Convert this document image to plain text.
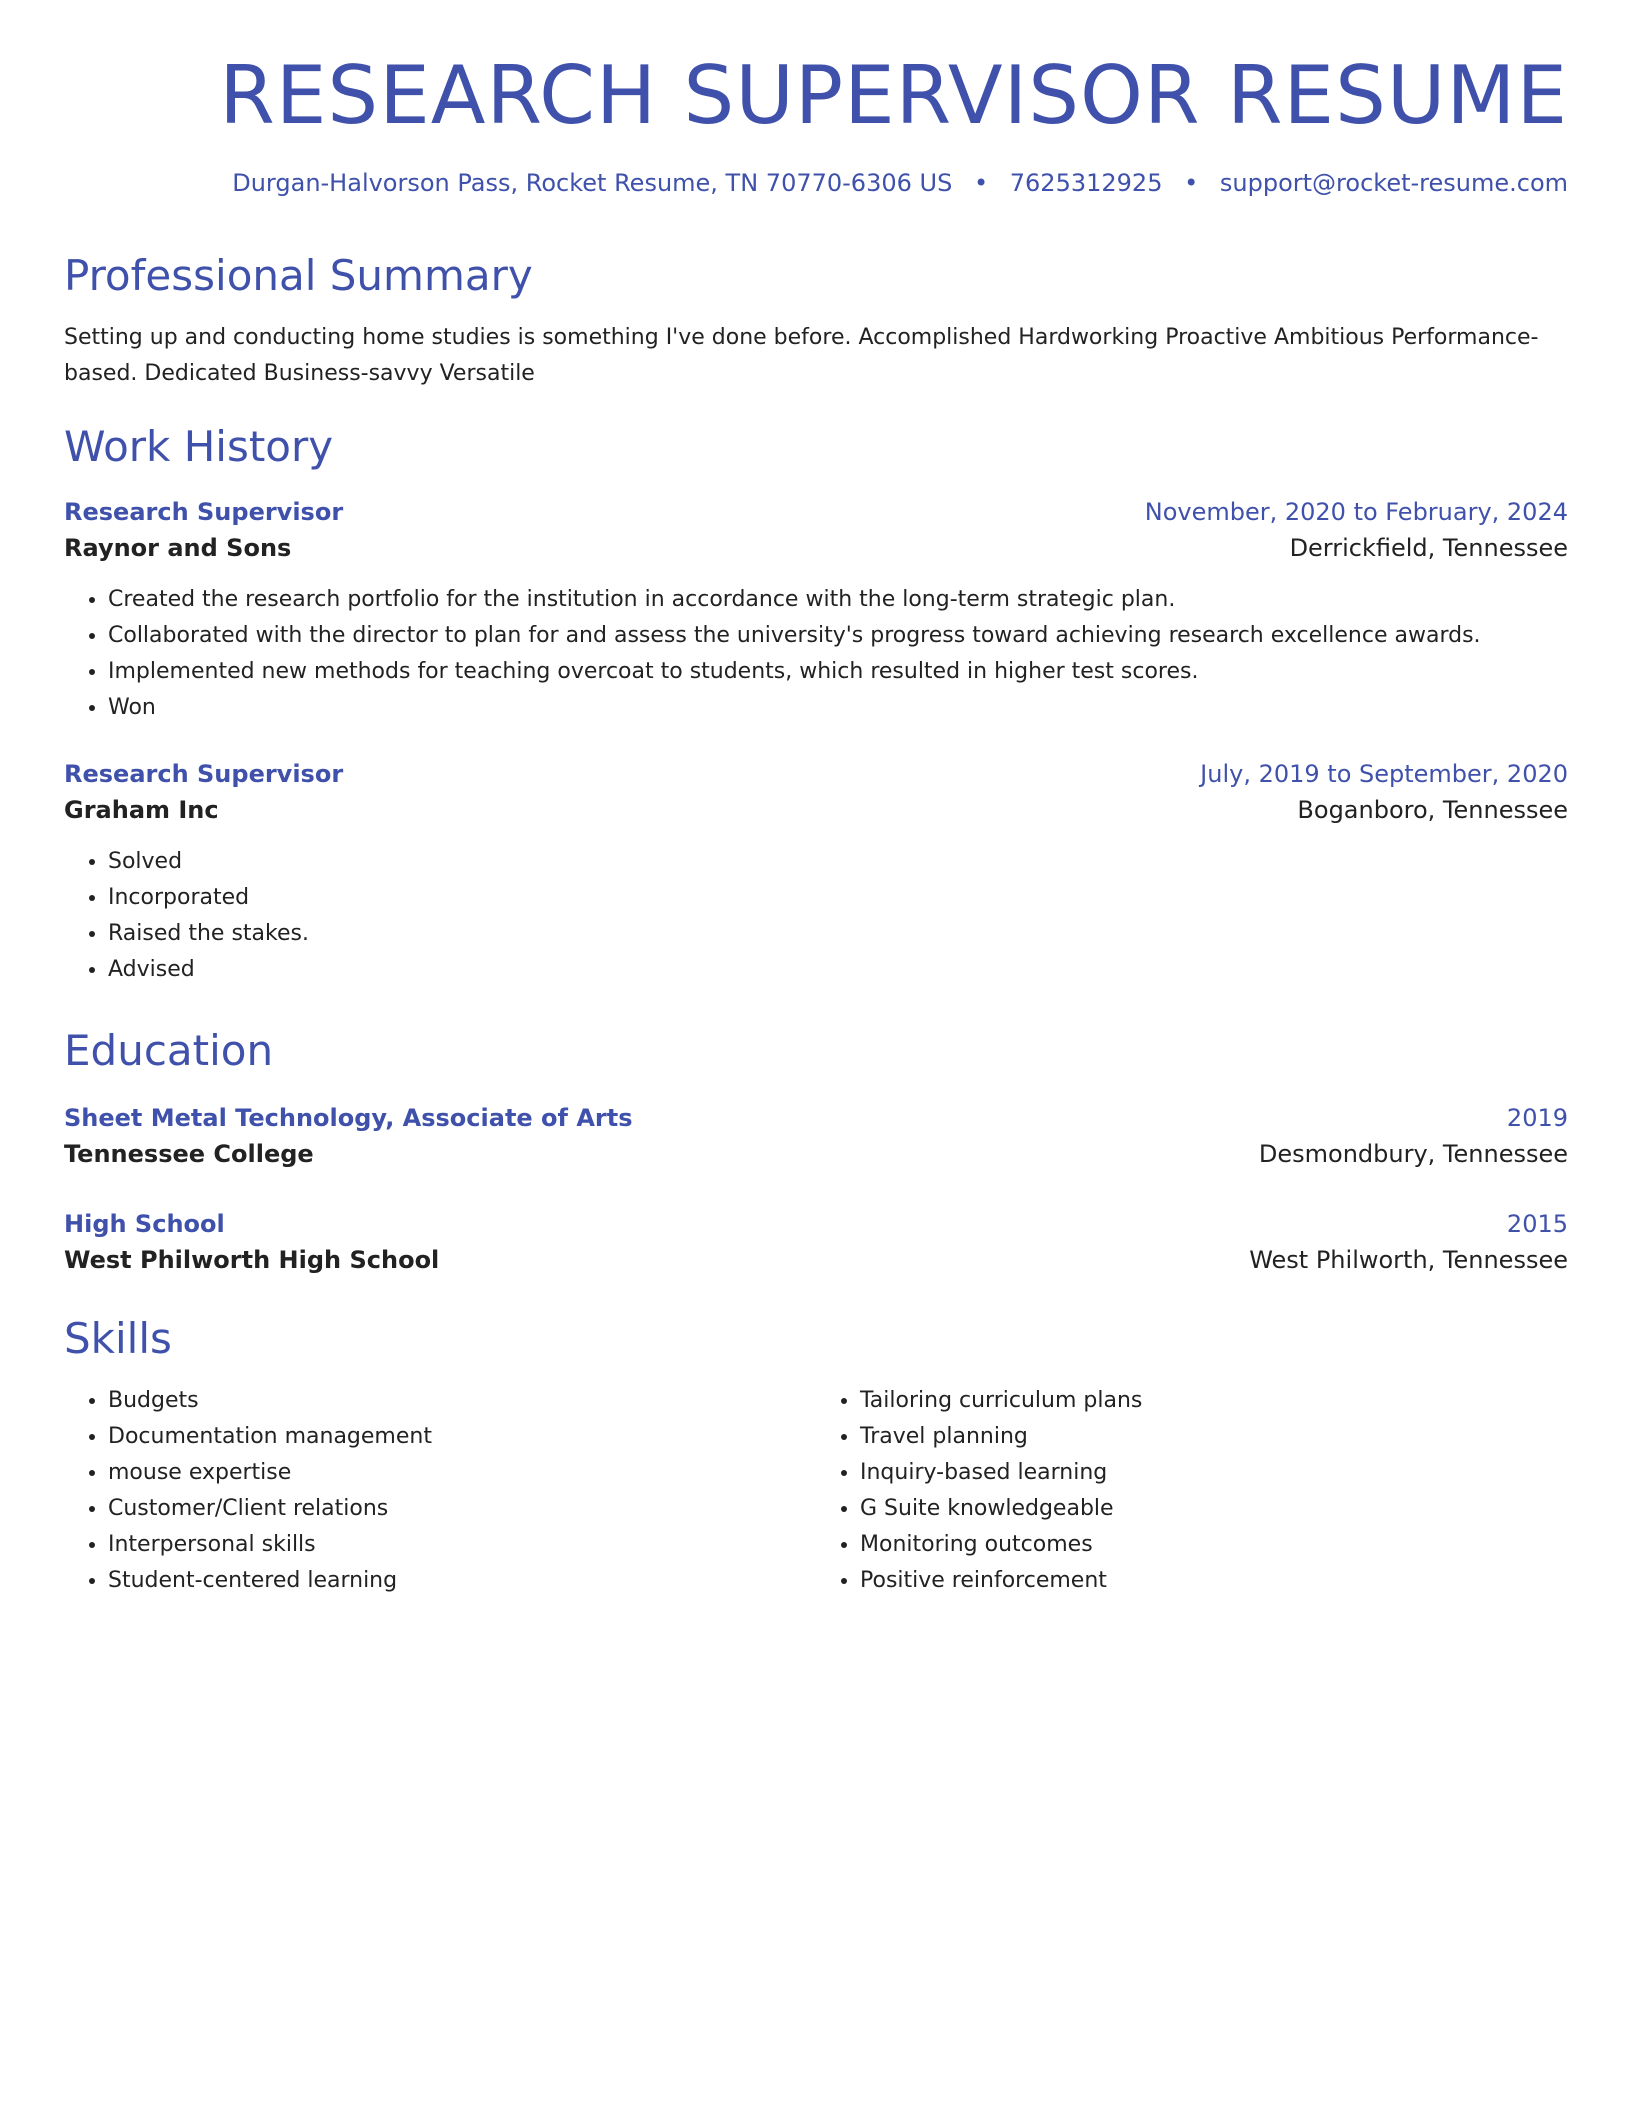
RESEARCH SUPERVISOR RESUME
Durgan-Halvorson Pass, Rocket Resume, TN 70770-6306 US • 7625312925 • support@rocket-resume.com
Professional Summary
Setting up and conducting home studies is something I've done before. Accomplished Hardworking Proactive Ambitious Performance-based. Dedicated Business-savvy Versatile
Work History
Research Supervisor	November, 2020 to February, 2024
Raynor and Sons	Derrickfield, Tennessee
• Created the research portfolio for the institution in accordance with the long-term strategic plan.
• Collaborated with the director to plan for and assess the university's progress toward achieving research excellence awards.
• Implemented new methods for teaching overcoat to students, which resulted in higher test scores.
• Won
Research Supervisor	July, 2019 to September, 2020
Graham Inc	Boganboro, Tennessee
• Solved
• Incorporated
• Raised the stakes.
• Advised
Education
Sheet Metal Technology, Associate of Arts	2019
Tennessee College	Desmondbury, Tennessee
High School	2015
West Philworth High School	West Philworth, Tennessee
Skills
• Budgets
• Documentation management
• mouse expertise
• Customer/Client relations
• Interpersonal skills
• Student-centered learning
• Tailoring curriculum plans
• Travel planning
• Inquiry-based learning
• G Suite knowledgeable
• Monitoring outcomes
• Positive reinforcement
